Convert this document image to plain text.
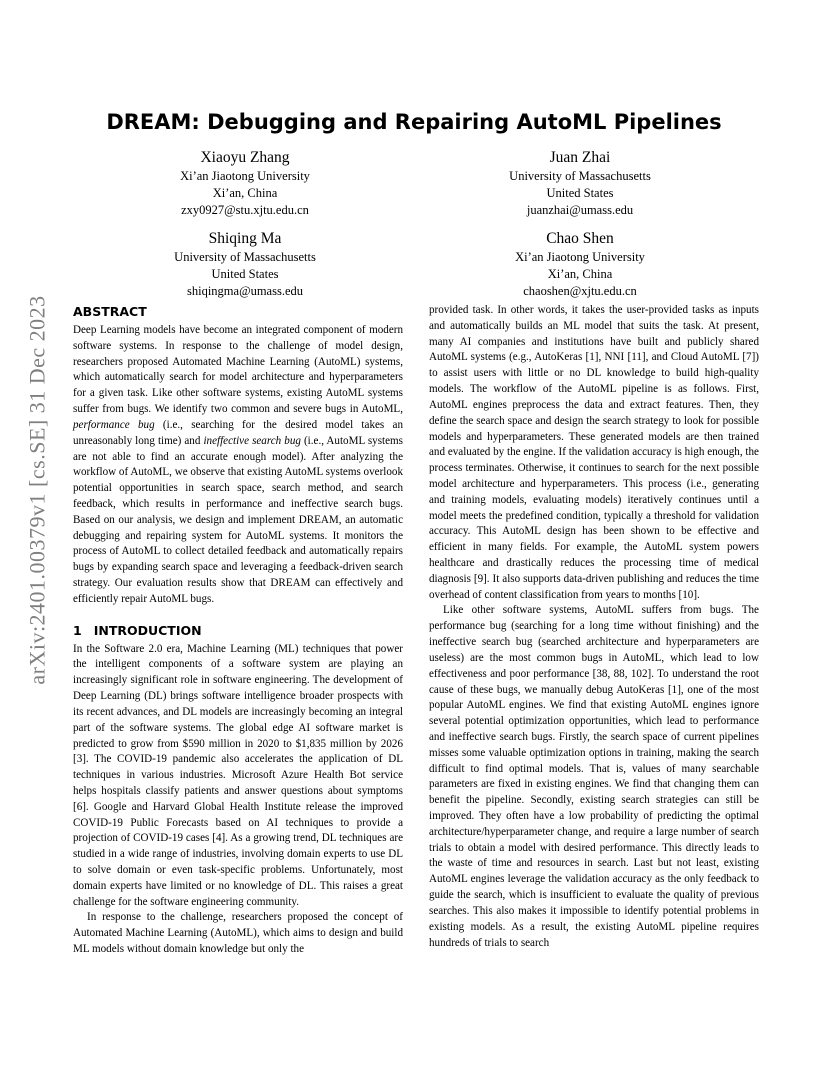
arXiv:2401.00379v1 [cs.SE] 31 Dec 2023
DREAM: Debugging and Repairing AutoML Pipelines
Xiaoyu Zhang
Xi’an Jiaotong University
Xi’an, China
zxy0927@stu.xjtu.edu.cn
Juan Zhai
University of Massachusetts
United States
juanzhai@umass.edu
Shiqing Ma
University of Massachusetts
United States
shiqingma@umass.edu
Chao Shen
Xi’an Jiaotong University
Xi’an, China
chaoshen@xjtu.edu.cn
ABSTRACT

Deep Learning models have become an integrated component of modern software systems. In response to the challenge of model design, researchers proposed Automated Machine Learning (AutoML) systems, which automatically search for model architecture and hyperparameters for a given task. Like other software systems, existing AutoML systems suffer from bugs. We identify two common and severe bugs in AutoML, performance bug (i.e., searching for the desired model takes an unreasonably long time) and ineffective search bug (i.e., AutoML systems are not able to find an accurate enough model). After analyzing the workflow of AutoML, we observe that existing AutoML systems overlook potential opportunities in search space, search method, and search feedback, which results in performance and ineffective search bugs. Based on our analysis, we design and implement DREAM, an automatic debugging and repairing system for AutoML systems. It monitors the process of AutoML to collect detailed feedback and automatically repairs bugs by expanding search space and leveraging a feedback-driven search strategy. Our evaluation results show that DREAM can effectively and efficiently repair AutoML bugs.

1 INTRODUCTION

In the Software 2.0 era, Machine Learning (ML) techniques that power the intelligent components of a software system are playing an increasingly significant role in software engineering. The development of Deep Learning (DL) brings software intelligence broader prospects with its recent advances, and DL models are increasingly becoming an integral part of the software systems. The global edge AI software market is predicted to grow from $590 million in 2020 to $1,835 million by 2026 [3]. The COVID-19 pandemic also accelerates the application of DL techniques in various industries. Microsoft Azure Health Bot service helps hospitals classify patients and answer questions about symptoms [6]. Google and Harvard Global Health Institute release the improved COVID-19 Public Forecasts based on AI techniques to provide a projection of COVID-19 cases [4]. As a growing trend, DL techniques are studied in a wide range of industries, involving domain experts to use DL to solve domain or even task-specific problems. Unfortunately, most domain experts have limited or no knowledge of DL. This raises a great challenge for the software engineering community.

In response to the challenge, researchers proposed the concept of Automated Machine Learning (AutoML), which aims to design and build ML models without domain knowledge but only the

provided task. In other words, it takes the user-provided tasks as inputs and automatically builds an ML model that suits the task. At present, many AI companies and institutions have built and publicly shared AutoML systems (e.g., AutoKeras [1], NNI [11], and Cloud AutoML [7]) to assist users with little or no DL knowledge to build high-quality models. The workflow of the AutoML pipeline is as follows. First, AutoML engines preprocess the data and extract features. Then, they define the search space and design the search strategy to look for possible models and hyperparameters. These generated models are then trained and evaluated by the engine. If the validation accuracy is high enough, the process terminates. Otherwise, it continues to search for the next possible model architecture and hyperparameters. This process (i.e., generating and training models, evaluating models) iteratively continues until a model meets the predefined condition, typically a threshold for validation accuracy. This AutoML design has been shown to be effective and efficient in many fields. For example, the AutoML system powers healthcare and drastically reduces the processing time of medical diagnosis [9]. It also supports data-driven publishing and reduces the time overhead of content classification from years to months [10].

Like other software systems, AutoML suffers from bugs. The performance bug (searching for a long time without finishing) and the ineffective search bug (searched architecture and hyperparameters are useless) are the most common bugs in AutoML, which lead to low effectiveness and poor performance [38, 88, 102]. To understand the root cause of these bugs, we manually debug AutoKeras [1], one of the most popular AutoML engines. We find that existing AutoML engines ignore several potential optimization opportunities, which lead to performance and ineffective search bugs. Firstly, the search space of current pipelines misses some valuable optimization options in training, making the search difficult to find optimal models. That is, values of many searchable parameters are fixed in existing engines. We find that changing them can benefit the pipeline. Secondly, existing search strategies can still be improved. They often have a low probability of predicting the optimal architecture/hyperparameter change, and require a large number of search trials to obtain a model with desired performance. This directly leads to the waste of time and resources in search. Last but not least, existing AutoML engines leverage the validation accuracy as the only feedback to guide the search, which is insufficient to evaluate the quality of previous searches. This also makes it impossible to identify potential problems in existing models. As a result, the existing AutoML pipeline requires hundreds of trials to search
